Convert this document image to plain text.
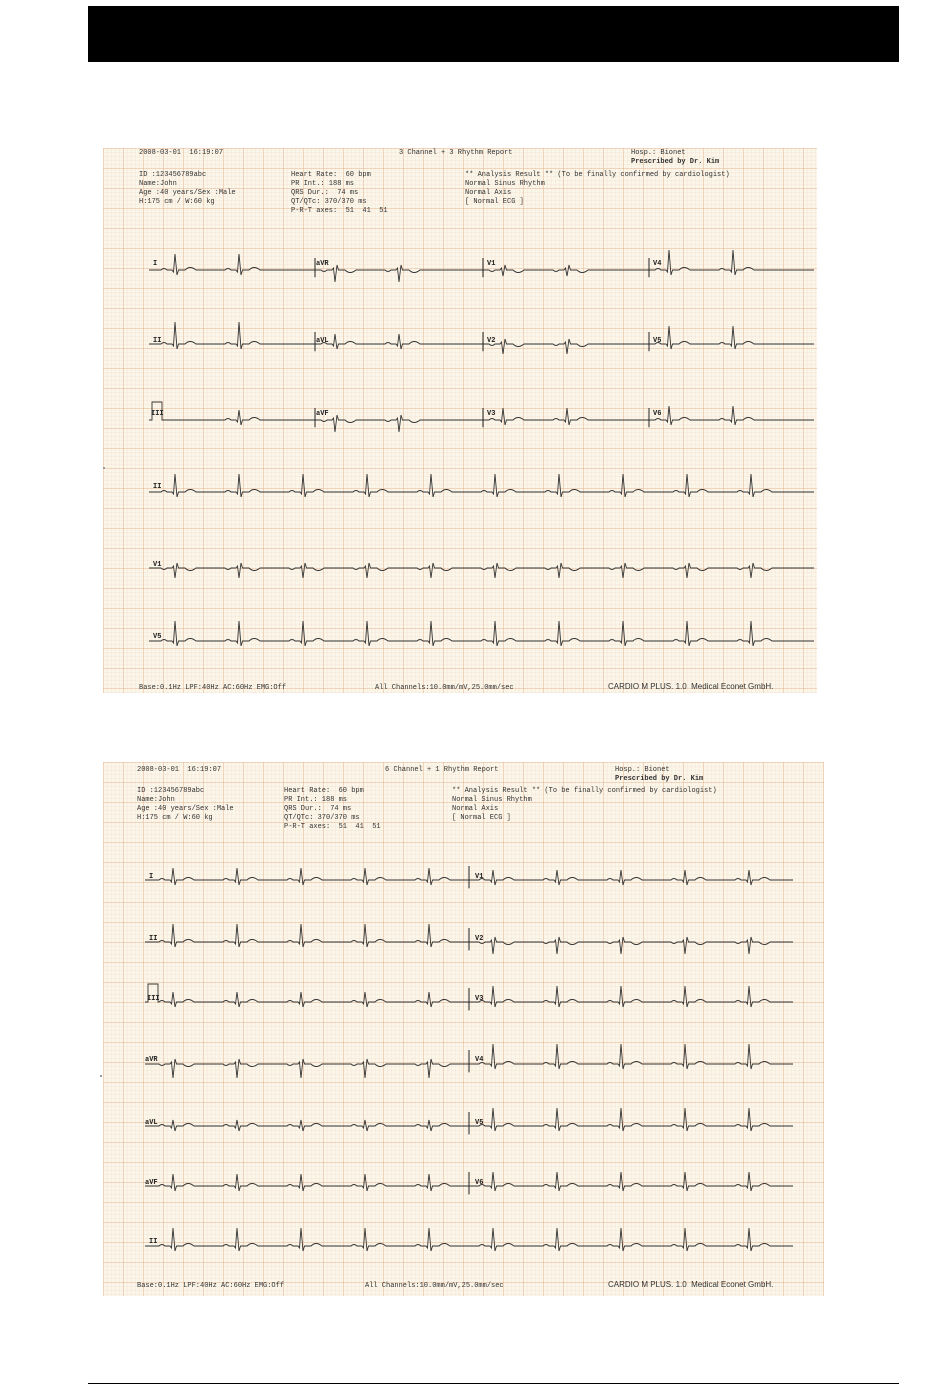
2008-03-01  16:19:07	3 Channel + 3 Rhythm Report	Hosp.: Bionet
Prescribed by Dr. Kim
ID :123456789abc
Name:John
Age :40 years/Sex :Male
H:175 cm / W:60 kg
Heart Rate:  60 bpm
PR Int.: 188 ms
QRS Dur.:  74 ms
QT/QTc: 370/370 ms
P-R-T axes:  51  41  51
** Analysis Result ** (To be finally confirmed by cardiologist)
Normal Sinus Rhythm
Normal Axis
[ Normal ECG ]
I	aVR	V1	V4
II	aVL	V2	V5
III	aVF	V3	V6
II
V1
V5
Base:0.1Hz LPF:40Hz AC:60Hz EMG:Off	All Channels:10.0mm/mV,25.0mm/sec	CARDIO M PLUS. 1.0  Medical Econet GmbH.
2008-03-01  16:19:07	6 Channel + 1 Rhythm Report	Hosp.: Bionet
Prescribed by Dr. Kim
ID :123456789abc
Name:John
Age :40 years/Sex :Male
H:175 cm / W:60 kg
Heart Rate:  60 bpm
PR Int.: 188 ms
QRS Dur.:  74 ms
QT/QTc: 370/370 ms
P-R-T axes:  51  41  51
** Analysis Result ** (To be finally confirmed by cardiologist)
Normal Sinus Rhythm
Normal Axis
[ Normal ECG ]
I	V1
II	V2
III	V3
aVR	V4
aVL	V5
aVF	V6
II
Base:0.1Hz LPF:40Hz AC:60Hz EMG:Off	All Channels:10.0mm/mV,25.0mm/sec	CARDIO M PLUS. 1.0  Medical Econet GmbH.
